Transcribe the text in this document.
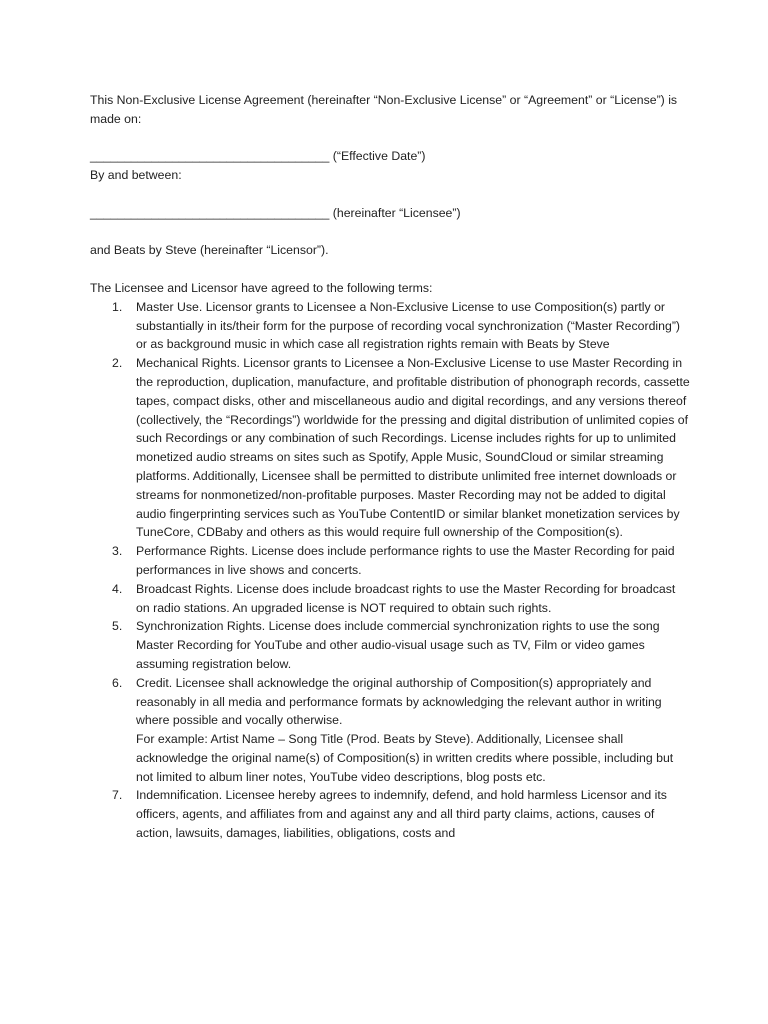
This Non-Exclusive License Agreement (hereinafter “Non-Exclusive License” or “Agreement” or “License”) is made on:

___________________________________ (“Effective Date”)

By and between:

___________________________________ (hereinafter “Licensee”)

and Beats by Steve (hereinafter “Licensor”).

The Licensee and Licensor have agreed to the following terms:

1. Master Use. Licensor grants to Licensee a Non-Exclusive License to use Composition(s) partly or substantially in its/their form for the purpose of recording vocal synchronization (“Master Recording”) or as background music in which case all registration rights remain with Beats by Steve
2. Mechanical Rights. Licensor grants to Licensee a Non-Exclusive License to use Master Recording in the reproduction, duplication, manufacture, and profitable distribution of phonograph records, cassette tapes, compact disks, other and miscellaneous audio and digital recordings, and any versions thereof (collectively, the “Recordings”) worldwide for the pressing and digital distribution of unlimited copies of such Recordings or any combination of such Recordings. License includes rights for up to unlimited monetized audio streams on sites such as Spotify, Apple Music, SoundCloud or similar streaming platforms. Additionally, Licensee shall be permitted to distribute unlimited free internet downloads or streams for nonmonetized/non-profitable purposes. Master Recording may not be added to digital audio fingerprinting services such as YouTube ContentID or similar blanket monetization services by TuneCore, CDBaby and others as this would require full ownership of the Composition(s).
3. Performance Rights. License does include performance rights to use the Master Recording for paid performances in live shows and concerts.
4. Broadcast Rights. License does include broadcast rights to use the Master Recording for broadcast on radio stations. An upgraded license is NOT required to obtain such rights.
5. Synchronization Rights. License does include commercial synchronization rights to use the song Master Recording for YouTube and other audio-visual usage such as TV, Film or video games assuming registration below.
6. Credit. Licensee shall acknowledge the original authorship of Composition(s) appropriately and reasonably in all media and performance formats by acknowledging the relevant author in writing where possible and vocally otherwise.
For example: Artist Name – Song Title (Prod. Beats by Steve). Additionally, Licensee shall acknowledge the original name(s) of Composition(s) in written credits where possible, including but not limited to album liner notes, YouTube video descriptions, blog posts etc.
7. Indemnification. Licensee hereby agrees to indemnify, defend, and hold harmless Licensor and its officers, agents, and affiliates from and against any and all third party claims, actions, causes of action, lawsuits, damages, liabilities, obligations, costs and
